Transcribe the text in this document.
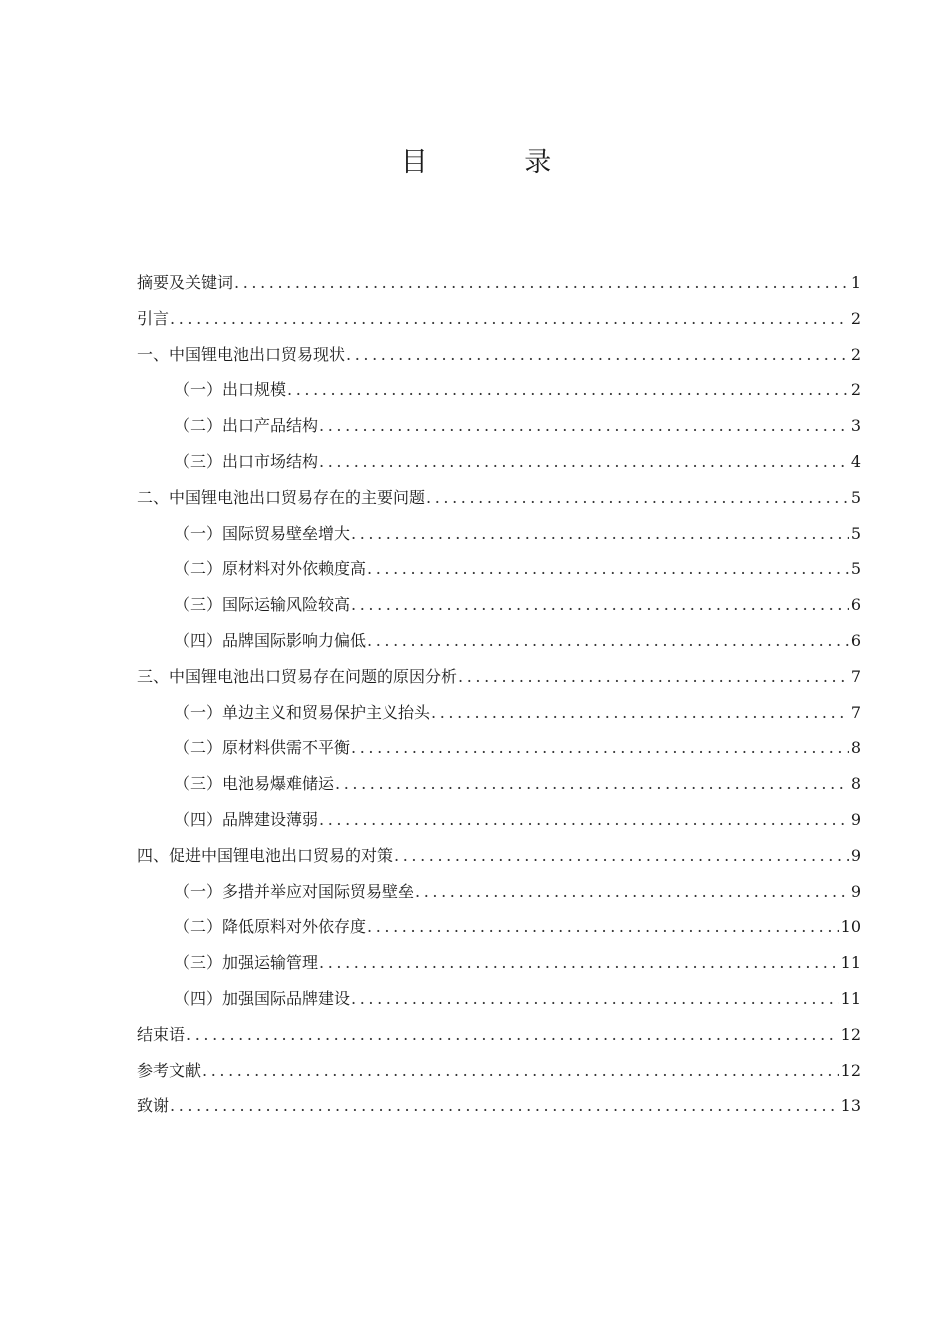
目 录
摘要及关键词 .....	1
引言 .....	2
一、中国锂电池出口贸易现状 .....	2
（一）出口规模 .....	2
（二）出口产品结构 .....	3
（三）出口市场结构 .....	4
二、中国锂电池出口贸易存在的主要问题 .....	5
（一）国际贸易壁垒增大 .....	5
（二）原材料对外依赖度高 .....	5
（三）国际运输风险较高 .....	6
（四）品牌国际影响力偏低 .....	6
三、中国锂电池出口贸易存在问题的原因分析 .....	7
（一）单边主义和贸易保护主义抬头 .....	7
（二）原材料供需不平衡 .....	8
（三）电池易爆难储运 .....	8
（四）品牌建设薄弱 .....	9
四、促进中国锂电池出口贸易的对策 .....	9
（一）多措并举应对国际贸易壁垒 .....	9
（二）降低原料对外依存度 .....	10
（三）加强运输管理 .....	11
（四）加强国际品牌建设 .....	11
结束语 .....	12
参考文献 .....	12
致谢 .....	13
